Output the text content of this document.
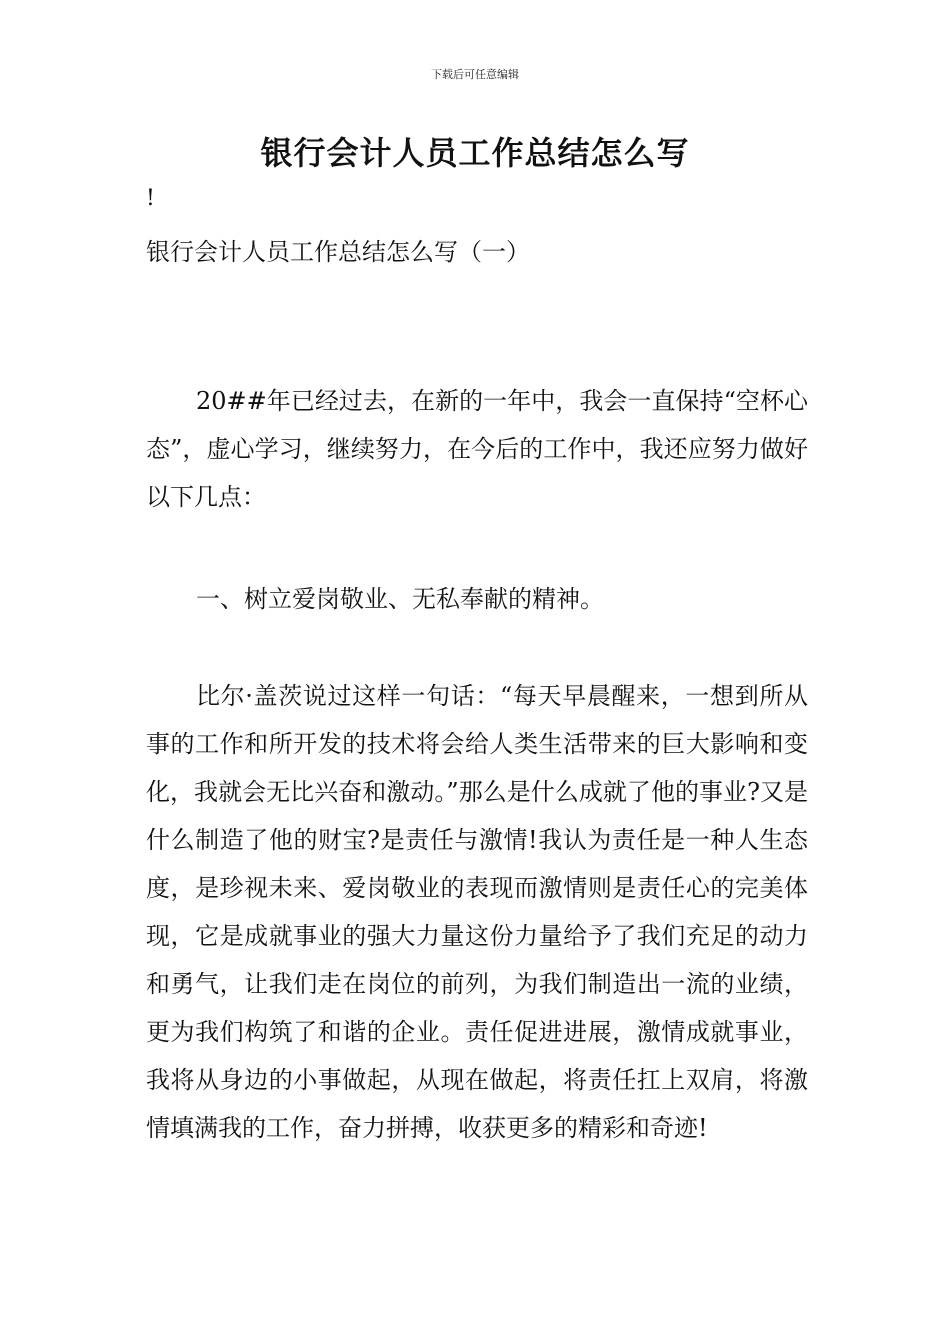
下载后可任意编辑
银行会计人员工作总结怎么写
!
银行会计人员工作总结怎么写（一）

20##年已经过去，在新的一年中，我会一直保持“空杯心态”，虚心学习，继续努力，在今后的工作中，我还应努力做好以下几点：

一、树立爱岗敬业、无私奉献的精神。

比尔·盖茨说过这样一句话：“每天早晨醒来，一想到所从事的工作和所开发的技术将会给人类生活带来的巨大影响和变化，我就会无比兴奋和激动。”那么是什么成就了他的事业?又是什么制造了他的财宝?是责任与激情!我认为责任是一种人生态度，是珍视未来、爱岗敬业的表现而激情则是责任心的完美体现，它是成就事业的强大力量这份力量给予了我们充足的动力和勇气，让我们走在岗位的前列，为我们制造出一流的业绩，更为我们构筑了和谐的企业。责任促进进展，激情成就事业，我将从身边的小事做起，从现在做起，将责任扛上双肩，将激情填满我的工作，奋力拼搏，收获更多的精彩和奇迹!
